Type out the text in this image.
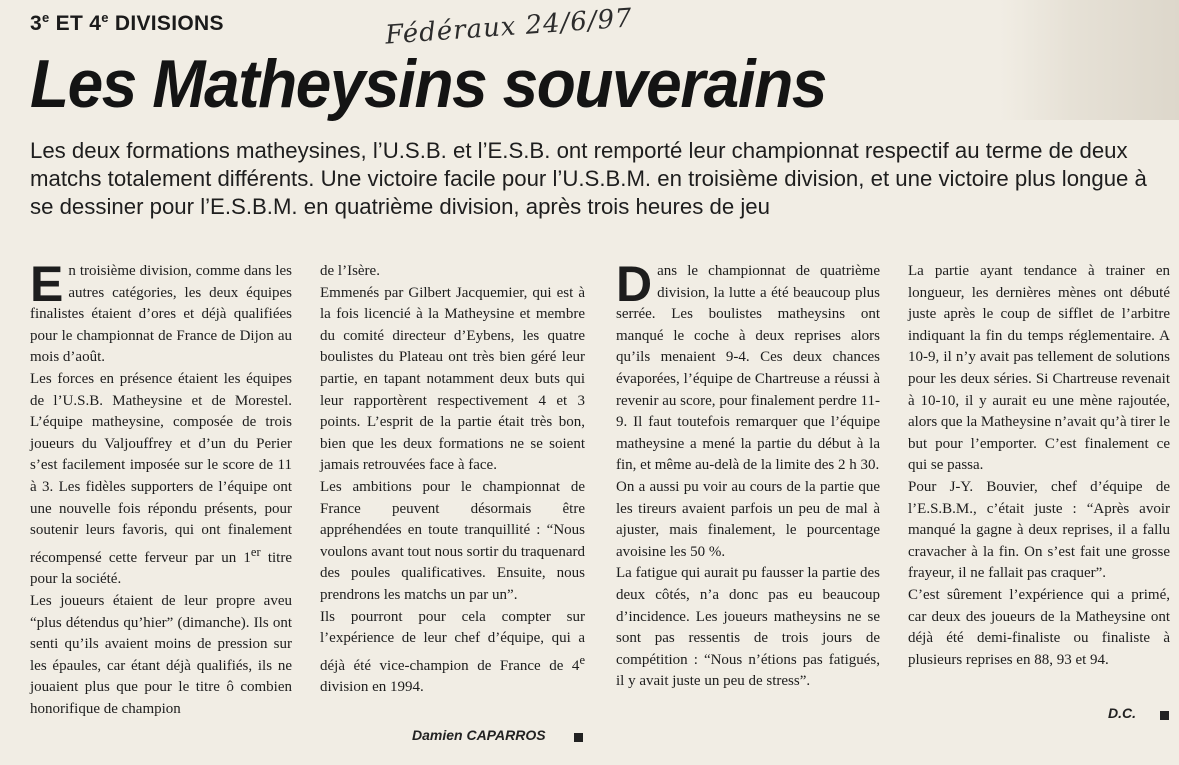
3e ET 4e DIVISIONS	Fédéraux 24/6/97
Les Matheysins souverains

Les deux formations matheysines, l’U.S.B. et l’E.S.B. ont remporté leur championnat respectif au terme de deux matchs totalement différents. Une victoire facile pour l’U.S.B.M. en troisième division, et une victoire plus longue à se dessiner pour l’E.S.B.M. en quatrième division, après trois heures de jeu

E n troisième division, comme dans les autres catégories, les deux équipes finalistes étaient d’ores et déjà qualifiées pour le championnat de France de Dijon au mois d’août.

Les forces en présence étaient les équipes de l’U.S.B. Matheysine et de Morestel. L’équipe matheysine, composée de trois joueurs du Valjouffrey et d’un du Perier s’est facilement imposée sur le score de 11 à 3. Les fidèles supporters de l’équipe ont une nouvelle fois répondu présents, pour soutenir leurs favoris, qui ont finalement récompensé cette ferveur par un 1er titre pour la société.

Les joueurs étaient de leur propre aveu “plus détendus qu’hier” (dimanche). Ils ont senti qu’ils avaient moins de pression sur les épaules, car étant déjà qualifiés, ils ne jouaient plus que pour le titre ô combien honorifique de champion

de l’Isère.

Emmenés par Gilbert Jacquemier, qui est à la fois licencié à la Matheysine et membre du comité directeur d’Eybens, les quatre boulistes du Plateau ont très bien géré leur partie, en tapant notamment deux buts qui leur rapportèrent respectivement 4 et 3 points. L’esprit de la partie était très bon, bien que les deux formations ne se soient jamais retrouvées face à face.

Les ambitions pour le championnat de France peuvent désormais être appréhendées en toute tranquillité : “Nous voulons avant tout nous sortir du traquenard des poules qualificatives. Ensuite, nous prendrons les matchs un par un”.

Ils pourront pour cela compter sur l’expérience de leur chef d’équipe, qui a déjà été vice-champion de France de 4e division en 1994.

Damien CAPARROS
D ans le championnat de quatrième division, la lutte a été beaucoup plus serrée. Les boulistes matheysins ont manqué le coche à deux reprises alors qu’ils menaient 9-4. Ces deux chances évaporées, l’équipe de Chartreuse a réussi à revenir au score, pour finalement perdre 11-9. Il faut toutefois remarquer que l’équipe matheysine a mené la partie du début à la fin, et même au-delà de la limite des 2 h 30.

On a aussi pu voir au cours de la partie que les tireurs avaient parfois un peu de mal à ajuster, mais finalement, le pourcentage avoisine les 50 %.

La fatigue qui aurait pu fausser la partie des deux côtés, n’a donc pas eu beaucoup d’incidence. Les joueurs matheysins ne se sont pas ressentis de trois jours de compétition : “Nous n’étions pas fatigués, il y avait juste un peu de stress”.

La partie ayant tendance à trainer en longueur, les dernières mènes ont débuté juste après le coup de sifflet de l’arbitre indiquant la fin du temps réglementaire. A 10-9, il n’y avait pas tellement de solutions pour les deux séries. Si Chartreuse revenait à 10-10, il y aurait eu une mène rajoutée, alors que la Matheysine n’avait qu’à tirer le but pour l’emporter. C’est finalement ce qui se passa.

Pour J-Y. Bouvier, chef d’équipe de l’E.S.B.M., c’était juste : “Après avoir manqué la gagne à deux reprises, il a fallu cravacher à la fin. On s’est fait une grosse frayeur, il ne fallait pas craquer”.

C’est sûrement l’expérience qui a primé, car deux des joueurs de la Matheysine ont déjà été demi-finaliste ou finaliste à plusieurs reprises en 88, 93 et 94.

D.C.
